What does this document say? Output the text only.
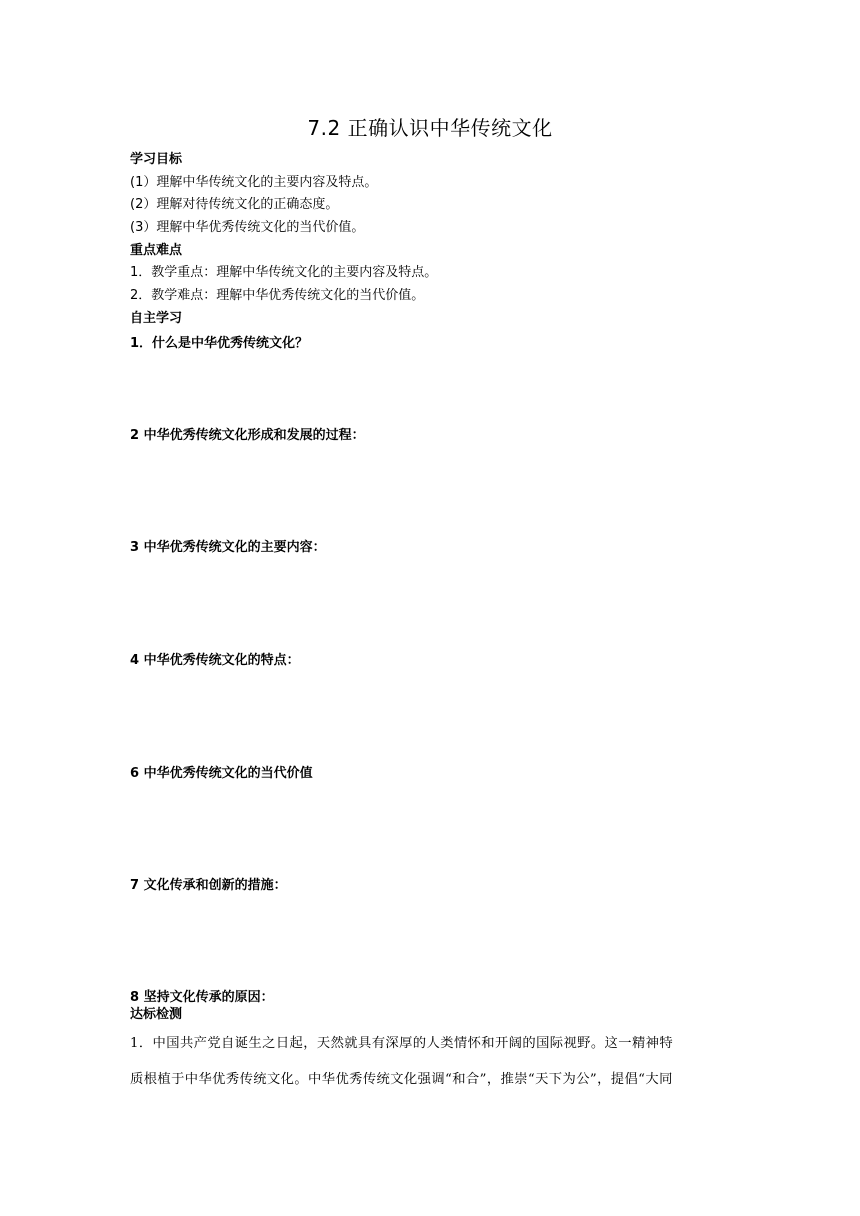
7.2 正确认识中华传统文化
学习目标
(1）理解中华传统文化的主要内容及特点。
(2）理解对待传统文化的正确态度。
(3）理解中华优秀传统文化的当代价值。
重点难点
1．教学重点：理解中华传统文化的主要内容及特点。
2．教学难点：理解中华优秀传统文化的当代价值。
自主学习
1．什么是中华优秀传统文化？
2 中华优秀传统文化形成和发展的过程：
3 中华优秀传统文化的主要内容：
4 中华优秀传统文化的特点：
6 中华优秀传统文化的当代价值
7 文化传承和创新的措施：
8 坚持文化传承的原因：
达标检测
1．中国共产党自诞生之日起，天然就具有深厚的人类情怀和开阔的国际视野。这一精神特
质根植于中华优秀传统文化。中华优秀传统文化强调“和合”，推崇“天下为公”，提倡“大同
